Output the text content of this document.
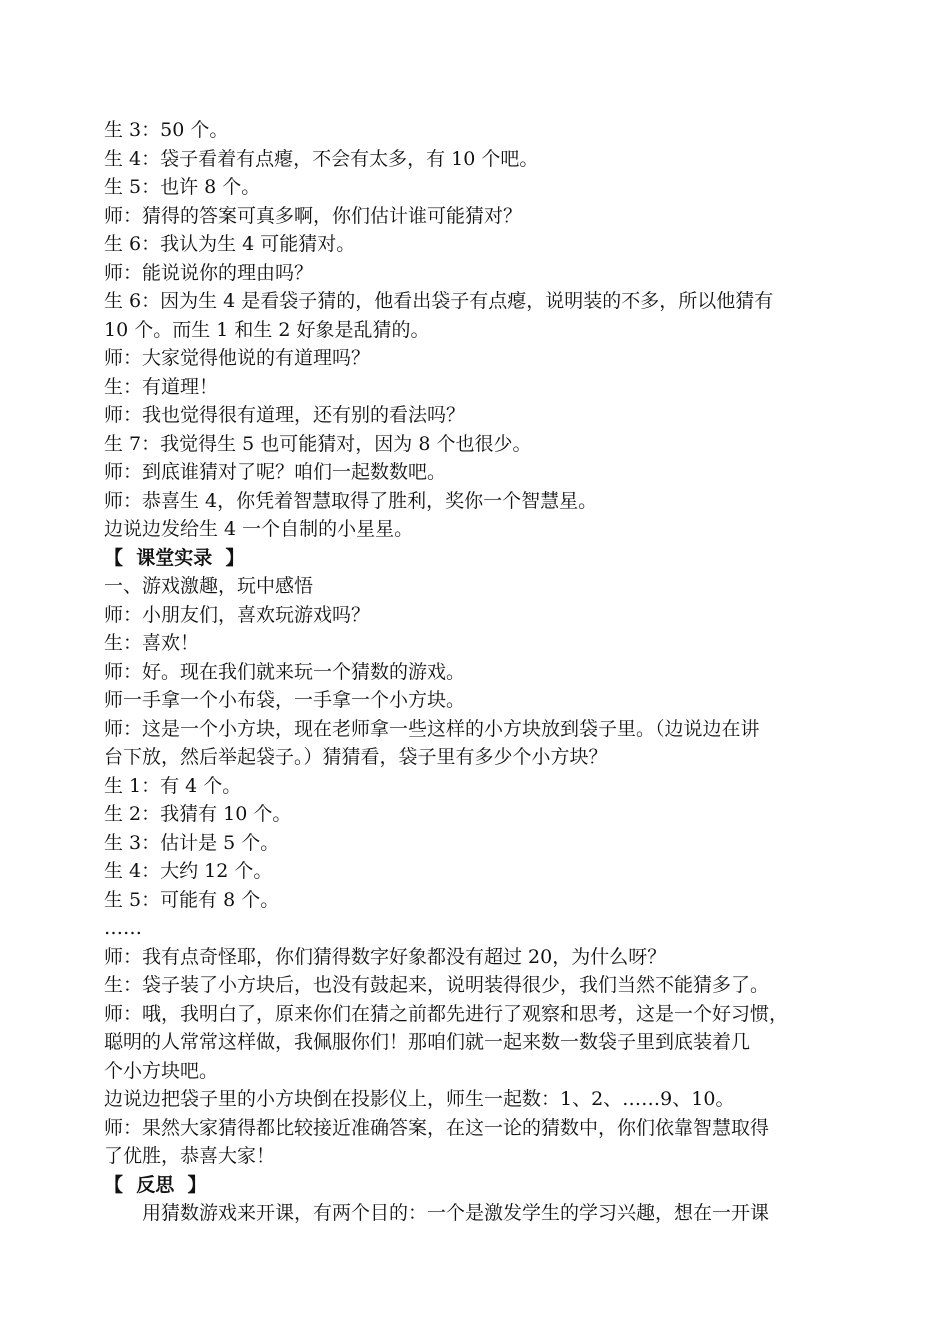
生 3：50 个。
生 4：袋子看着有点瘪，不会有太多，有 10 个吧。
生 5：也许 8 个。
师：猜得的答案可真多啊，你们估计谁可能猜对？
生 6：我认为生 4 可能猜对。
师：能说说你的理由吗？
生 6：因为生 4 是看袋子猜的，他看出袋子有点瘪，说明装的不多，所以他猜有
10 个。而生 1 和生 2 好象是乱猜的。
师：大家觉得他说的有道理吗？
生：有道理！
师：我也觉得很有道理，还有别的看法吗？
生 7：我觉得生 5 也可能猜对，因为 8 个也很少。
师：到底谁猜对了呢？咱们一起数数吧。
师：恭喜生 4，你凭着智慧取得了胜利，奖你一个智慧星。
边说边发给生 4 一个自制的小星星。
【  课堂实录  】
一、游戏激趣，玩中感悟
师：小朋友们，喜欢玩游戏吗？
生：喜欢！
师：好。现在我们就来玩一个猜数的游戏。
师一手拿一个小布袋，一手拿一个小方块。
师：这是一个小方块，现在老师拿一些这样的小方块放到袋子里。（边说边在讲
台下放，然后举起袋子。）猜猜看，袋子里有多少个小方块？
生 1：有 4 个。
生 2：我猜有 10 个。
生 3：估计是 5 个。
生 4：大约 12 个。
生 5：可能有 8 个。
……
师：我有点奇怪耶，你们猜得数字好象都没有超过 20，为什么呀？
生：袋子装了小方块后，也没有鼓起来，说明装得很少，我们当然不能猜多了。
师：哦，我明白了，原来你们在猜之前都先进行了观察和思考，这是一个好习惯，
聪明的人常常这样做，我佩服你们！那咱们就一起来数一数袋子里到底装着几
个小方块吧。
边说边把袋子里的小方块倒在投影仪上，师生一起数：1、2、……9、10。
师：果然大家猜得都比较接近准确答案，在这一论的猜数中，你们依靠智慧取得
了优胜，恭喜大家！
【  反思  】
用猜数游戏来开课，有两个目的：一个是激发学生的学习兴趣，想在一开课
